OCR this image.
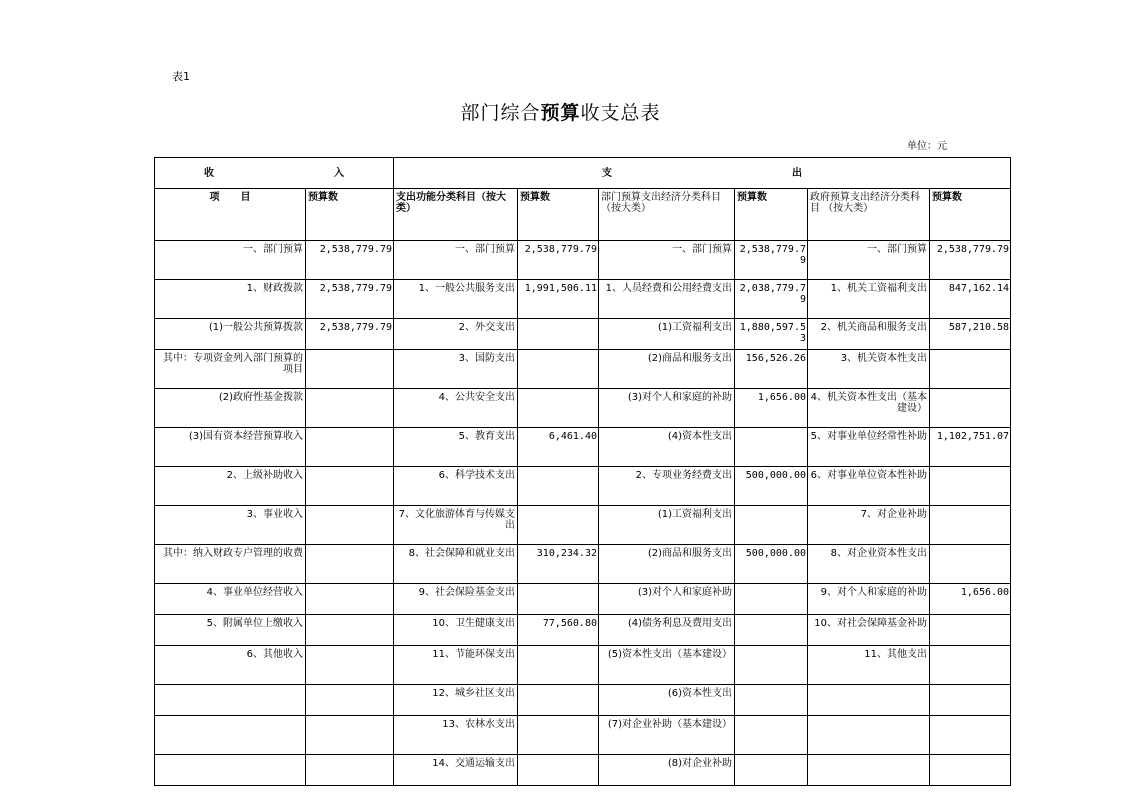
表1
部门综合预算收支总表
单位：元
收 入		支 出					
项 目	预算数	支出功能分类科目（按大类）	预算数	部门预算支出经济分类科目 （按大类）	预算数	政府预算支出经济分类科目 （按大类）	预算数
一、部门预算	2,538,779.79	一、部门预算	2,538,779.79	一、部门预算	2,538,779.79	一、部门预算	2,538,779.79
1、财政拨款	2,538,779.79	1、一般公共服务支出	1,991,506.11	1、人员经费和公用经费支出	2,038,779.79	1、机关工资福利支出	847,162.14
(1)一般公共预算拨款	2,538,779.79	2、外交支出		(1)工资福利支出	1,880,597.53	2、机关商品和服务支出	587,210.58
其中：专项资金列入部门预算的项目		3、国防支出		(2)商品和服务支出	156,526.26	3、机关资本性支出	
(2)政府性基金拨款		4、公共安全支出		(3)对个人和家庭的补助	1,656.00	4、机关资本性支出（基本建设）	
(3)国有资本经营预算收入		5、教育支出	6,461.40	(4)资本性支出		5、对事业单位经常性补助	1,102,751.07
2、上级补助收入		6、科学技术支出		2、专项业务经费支出	500,000.00	6、对事业单位资本性补助	
3、事业收入		7、文化旅游体育与传媒支出		(1)工资福利支出		7、对企业补助	
其中：纳入财政专户管理的收费		8、社会保障和就业支出	310,234.32	(2)商品和服务支出	500,000.00	8、对企业资本性支出	
4、事业单位经营收入		9、社会保险基金支出		(3)对个人和家庭补助		9、对个人和家庭的补助	1,656.00
5、附属单位上缴收入		10、卫生健康支出	77,560.80	(4)债务利息及费用支出		10、对社会保障基金补助	
6、其他收入		11、节能环保支出		(5)资本性支出（基本建设）		11、其他支出	
		12、城乡社区支出		(6)资本性支出			
		13、农林水支出		(7)对企业补助（基本建设）			
		14、交通运输支出		(8)对企业补助			
